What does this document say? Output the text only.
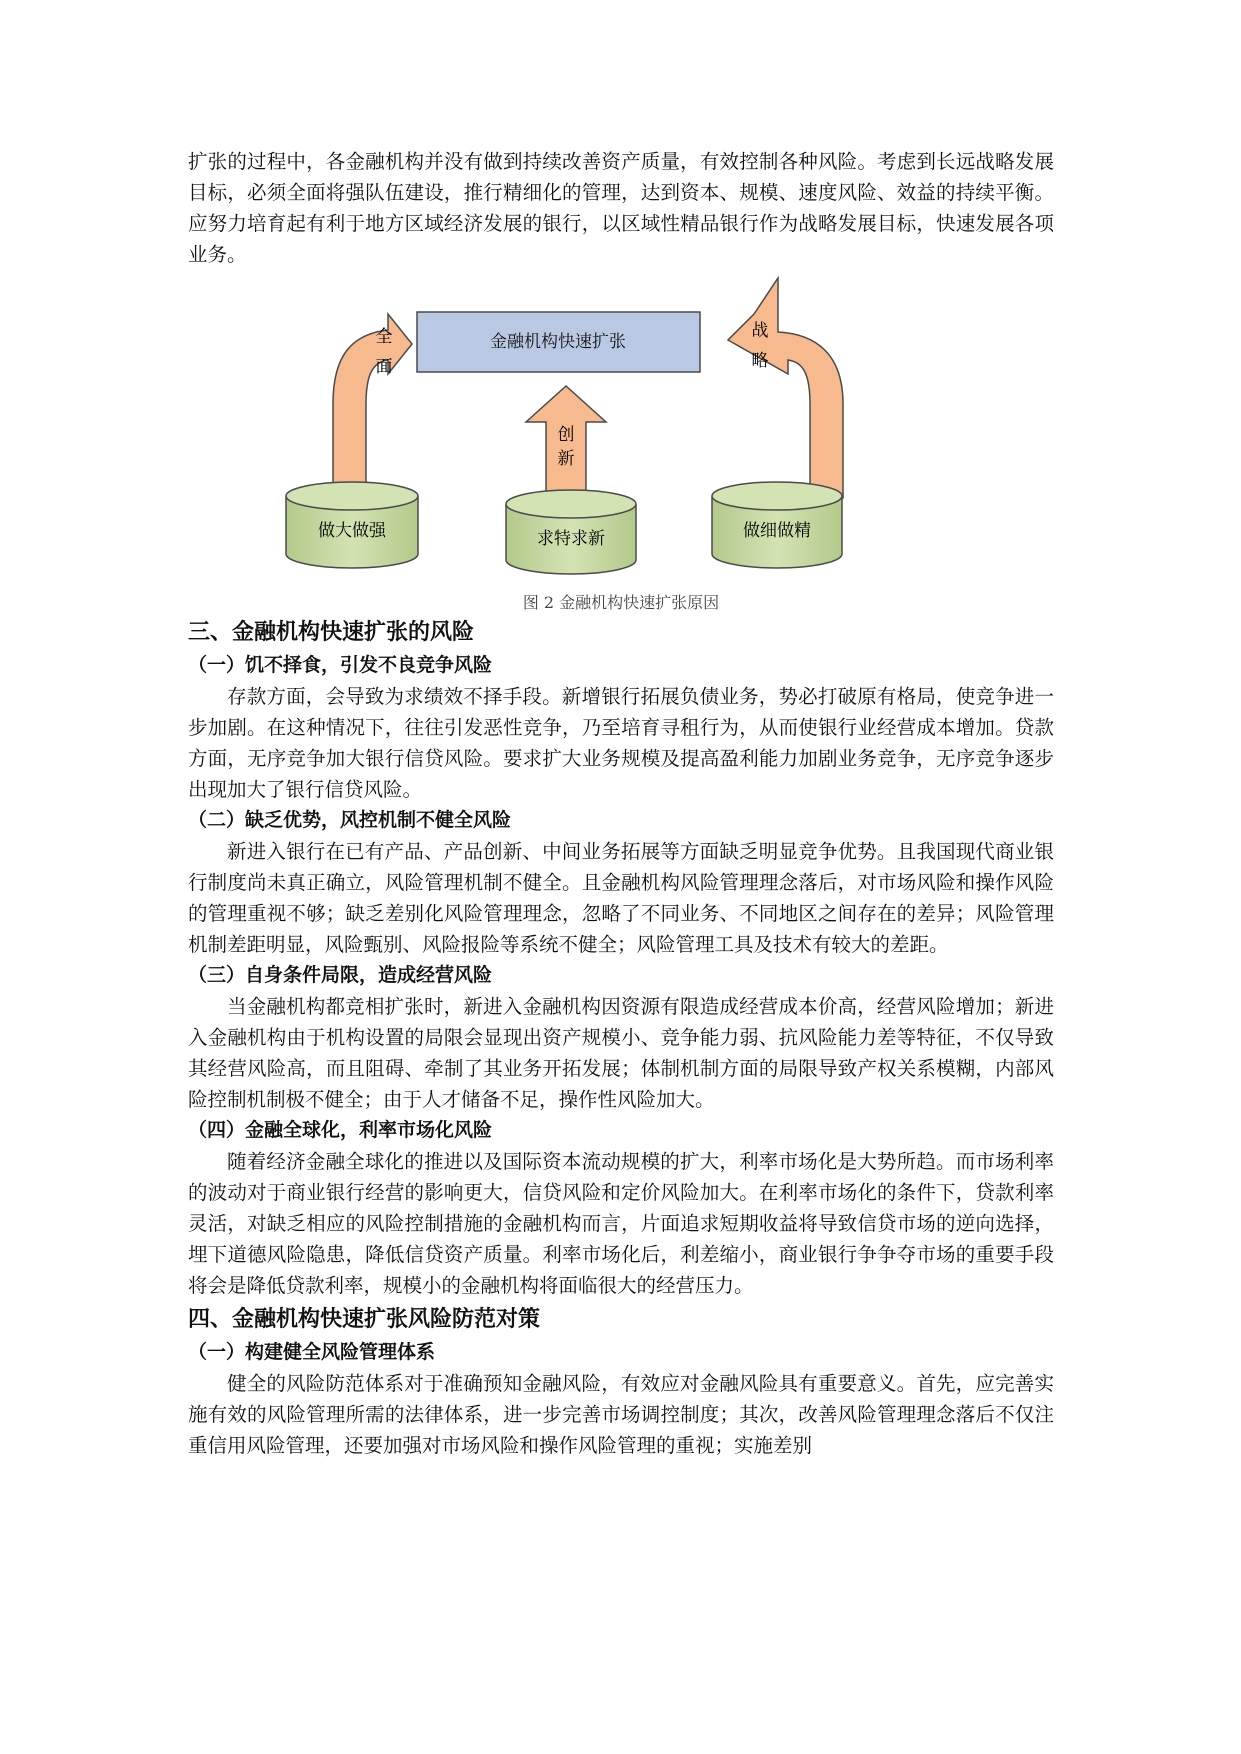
扩张的过程中，各金融机构并没有做到持续改善资产质量，有效控制各种风险。考虑到长远战略发展目标，必须全面将强队伍建设，推行精细化的管理，达到资本、规模、速度风险、效益的持续平衡。应努力培育起有利于地方区域经济发展的银行，以区域性精品银行作为战略发展目标，快速发展各项业务。

金融机构快速扩张
全
面
创
新
战
略
做大做强	求特求新	做细做精
图 2 金融机构快速扩张原因
三、金融机构快速扩张的风险
（一）饥不择食，引发不良竞争风险

存款方面，会导致为求绩效不择手段。新增银行拓展负债业务，势必打破原有格局，使竞争进一步加剧。在这种情况下，往往引发恶性竞争，乃至培育寻租行为，从而使银行业经营成本增加。贷款方面，无序竞争加大银行信贷风险。要求扩大业务规模及提高盈利能力加剧业务竞争，无序竞争逐步出现加大了银行信贷风险。

（二）缺乏优势，风控机制不健全风险

新进入银行在已有产品、产品创新、中间业务拓展等方面缺乏明显竞争优势。且我国现代商业银行制度尚未真正确立，风险管理机制不健全。且金融机构风险管理理念落后，对市场风险和操作风险的管理重视不够；缺乏差别化风险管理理念，忽略了不同业务、不同地区之间存在的差异；风险管理机制差距明显，风险甄别、风险报险等系统不健全；风险管理工具及技术有较大的差距。

（三）自身条件局限，造成经营风险

当金融机构都竞相扩张时，新进入金融机构因资源有限造成经营成本价高，经营风险增加；新进入金融机构由于机构设置的局限会显现出资产规模小、竞争能力弱、抗风险能力差等特征，不仅导致其经营风险高，而且阻碍、牵制了其业务开拓发展；体制机制方面的局限导致产权关系模糊，内部风险控制机制极不健全；由于人才储备不足，操作性风险加大。

（四）金融全球化，利率市场化风险

随着经济金融全球化的推进以及国际资本流动规模的扩大，利率市场化是大势所趋。而市场利率的波动对于商业银行经营的影响更大，信贷风险和定价风险加大。在利率市场化的条件下，贷款利率灵活，对缺乏相应的风险控制措施的金融机构而言，片面追求短期收益将导致信贷市场的逆向选择，埋下道德风险隐患，降低信贷资产质量。利率市场化后，利差缩小，商业银行争争夺市场的重要手段将会是降低贷款利率，规模小的金融机构将面临很大的经营压力。

四、金融机构快速扩张风险防范对策
（一）构建健全风险管理体系

健全的风险防范体系对于准确预知金融风险，有效应对金融风险具有重要意义。首先，应完善实施有效的风险管理所需的法律体系，进一步完善市场调控制度；其次，改善风险管理理念落后不仅注重信用风险管理，还要加强对市场风险和操作风险管理的重视；实施差别
